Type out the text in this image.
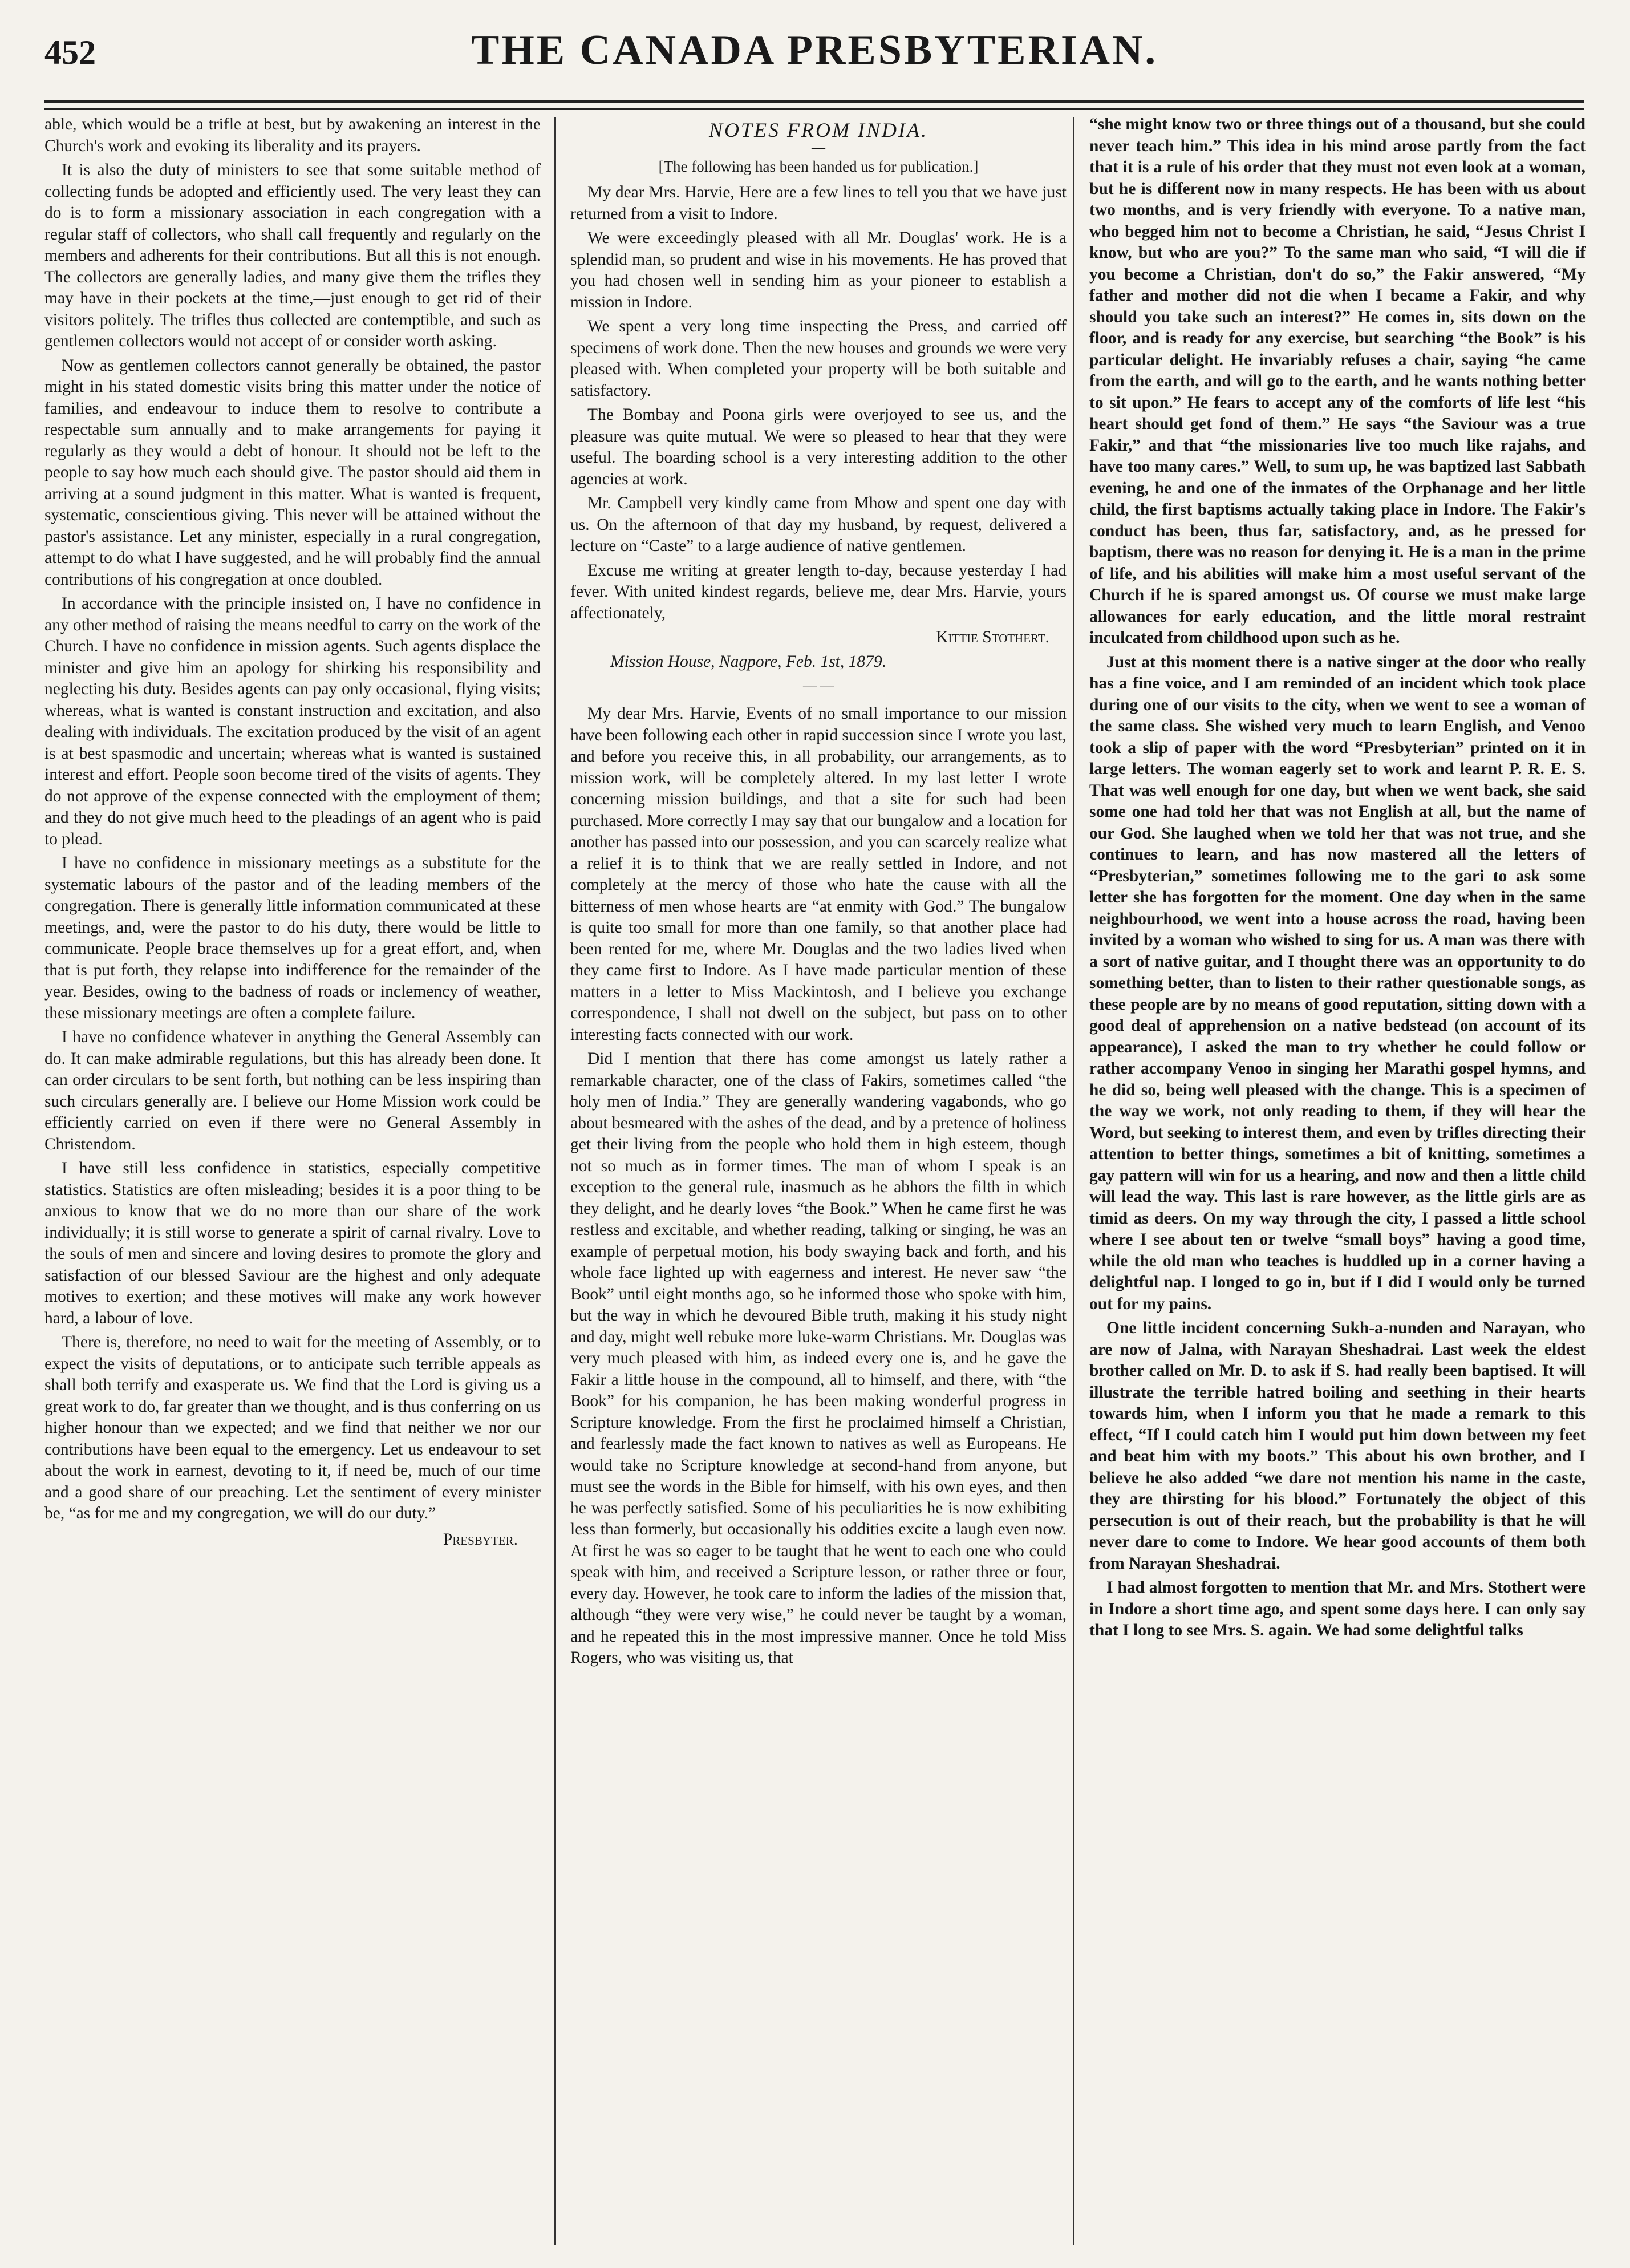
452	THE CANADA PRESBYTERIAN.

able, which would be a trifle at best, but by awakening an interest in the Church's work and evoking its liberality and its prayers.

It is also the duty of ministers to see that some suitable method of collecting funds be adopted and efficiently used. The very least they can do is to form a missionary association in each congregation with a regular staff of collectors, who shall call frequently and regularly on the members and adherents for their contributions. But all this is not enough. The collectors are generally ladies, and many give them the trifles they may have in their pockets at the time,—just enough to get rid of their visitors politely. The trifles thus collected are contemptible, and such as gentlemen collectors would not accept of or consider worth asking.

Now as gentlemen collectors cannot generally be obtained, the pastor might in his stated domestic visits bring this matter under the notice of families, and endeavour to induce them to resolve to contribute a respectable sum annually and to make arrangements for paying it regularly as they would a debt of honour. It should not be left to the people to say how much each should give. The pastor should aid them in arriving at a sound judgment in this matter. What is wanted is frequent, systematic, conscientious giving. This never will be attained without the pastor's assistance. Let any minister, especially in a rural congregation, attempt to do what I have suggested, and he will probably find the annual contributions of his congregation at once doubled.

In accordance with the principle insisted on, I have no confidence in any other method of raising the means needful to carry on the work of the Church. I have no confidence in mission agents. Such agents displace the minister and give him an apology for shirking his responsibility and neglecting his duty. Besides agents can pay only occasional, flying visits; whereas, what is wanted is constant instruction and excitation, and also dealing with individuals. The excitation produced by the visit of an agent is at best spasmodic and uncertain; whereas what is wanted is sustained interest and effort. People soon become tired of the visits of agents. They do not approve of the expense connected with the employment of them; and they do not give much heed to the pleadings of an agent who is paid to plead.

I have no confidence in missionary meetings as a substitute for the systematic labours of the pastor and of the leading members of the congregation. There is generally little information communicated at these meetings, and, were the pastor to do his duty, there would be little to communicate. People brace themselves up for a great effort, and, when that is put forth, they relapse into indifference for the remainder of the year. Besides, owing to the badness of roads or inclemency of weather, these missionary meetings are often a complete failure.

I have no confidence whatever in anything the General Assembly can do. It can make admirable regulations, but this has already been done. It can order circulars to be sent forth, but nothing can be less inspiring than such circulars generally are. I believe our Home Mission work could be efficiently carried on even if there were no General Assembly in Christendom.

I have still less confidence in statistics, especially competitive statistics. Statistics are often misleading; besides it is a poor thing to be anxious to know that we do no more than our share of the work individually; it is still worse to generate a spirit of carnal rivalry. Love to the souls of men and sincere and loving desires to promote the glory and satisfaction of our blessed Saviour are the highest and only adequate motives to exertion; and these motives will make any work however hard, a labour of love.

There is, therefore, no need to wait for the meeting of Assembly, or to expect the visits of deputations, or to anticipate such terrible appeals as shall both terrify and exasperate us. We find that the Lord is giving us a great work to do, far greater than we thought, and is thus conferring on us higher honour than we expected; and we find that neither we nor our contributions have been equal to the emergency. Let us endeavour to set about the work in earnest, devoting to it, if need be, much of our time and a good share of our preaching. Let the sentiment of every minister be, “as for me and my congregation, we will do our duty.”

Presbyter.
NOTES FROM INDIA.
—
[The following has been handed us for publication.]

My dear Mrs. Harvie, Here are a few lines to tell you that we have just returned from a visit to Indore.

We were exceedingly pleased with all Mr. Douglas' work. He is a splendid man, so prudent and wise in his movements. He has proved that you had chosen well in sending him as your pioneer to establish a mission in Indore.

We spent a very long time inspecting the Press, and carried off specimens of work done. Then the new houses and grounds we were very pleased with. When completed your property will be both suitable and satisfactory.

The Bombay and Poona girls were overjoyed to see us, and the pleasure was quite mutual. We were so pleased to hear that they were useful. The boarding school is a very interesting addition to the other agencies at work.

Mr. Campbell very kindly came from Mhow and spent one day with us. On the afternoon of that day my husband, by request, delivered a lecture on “Caste” to a large audience of native gentlemen.

Excuse me writing at greater length to-day, because yesterday I had fever. With united kindest regards, believe me, dear Mrs. Harvie, yours affectionately,

Kittie Stothert.

Mission House, Nagpore, Feb. 1st, 1879.

— —

My dear Mrs. Harvie, Events of no small importance to our mission have been following each other in rapid succession since I wrote you last, and before you receive this, in all probability, our arrangements, as to mission work, will be completely altered. In my last letter I wrote concerning mission buildings, and that a site for such had been purchased. More correctly I may say that our bungalow and a location for another has passed into our possession, and you can scarcely realize what a relief it is to think that we are really settled in Indore, and not completely at the mercy of those who hate the cause with all the bitterness of men whose hearts are “at enmity with God.” The bungalow is quite too small for more than one family, so that another place had been rented for me, where Mr. Douglas and the two ladies lived when they came first to Indore. As I have made particular mention of these matters in a letter to Miss Mackintosh, and I believe you exchange correspondence, I shall not dwell on the subject, but pass on to other interesting facts connected with our work.

Did I mention that there has come amongst us lately rather a remarkable character, one of the class of Fakirs, sometimes called “the holy men of India.” They are generally wandering vagabonds, who go about besmeared with the ashes of the dead, and by a pretence of holiness get their living from the people who hold them in high esteem, though not so much as in former times. The man of whom I speak is an exception to the general rule, inasmuch as he abhors the filth in which they delight, and he dearly loves “the Book.” When he came first he was restless and excitable, and whether reading, talking or singing, he was an example of perpetual motion, his body swaying back and forth, and his whole face lighted up with eagerness and interest. He never saw “the Book” until eight months ago, so he informed those who spoke with him, but the way in which he devoured Bible truth, making it his study night and day, might well rebuke more luke-warm Christians. Mr. Douglas was very much pleased with him, as indeed every one is, and he gave the Fakir a little house in the compound, all to himself, and there, with “the Book” for his companion, he has been making wonderful progress in Scripture knowledge. From the first he proclaimed himself a Christian, and fearlessly made the fact known to natives as well as Europeans. He would take no Scripture knowledge at second-hand from anyone, but must see the words in the Bible for himself, with his own eyes, and then he was perfectly satisfied. Some of his peculiarities he is now exhibiting less than formerly, but occasionally his oddities excite a laugh even now. At first he was so eager to be taught that he went to each one who could speak with him, and received a Scripture lesson, or rather three or four, every day. However, he took care to inform the ladies of the mission that, although “they were very wise,” he could never be taught by a woman, and he repeated this in the most impressive manner. Once he told Miss Rogers, who was visiting us, that

“she might know two or three things out of a thousand, but she could never teach him.” This idea in his mind arose partly from the fact that it is a rule of his order that they must not even look at a woman, but he is different now in many respects. He has been with us about two months, and is very friendly with everyone. To a native man, who begged him not to become a Christian, he said, “Jesus Christ I know, but who are you?” To the same man who said, “I will die if you become a Christian, don't do so,” the Fakir answered, “My father and mother did not die when I became a Fakir, and why should you take such an interest?” He comes in, sits down on the floor, and is ready for any exercise, but searching “the Book” is his particular delight. He invariably refuses a chair, saying “he came from the earth, and will go to the earth, and he wants nothing better to sit upon.” He fears to accept any of the comforts of life lest “his heart should get fond of them.” He says “the Saviour was a true Fakir,” and that “the missionaries live too much like rajahs, and have too many cares.” Well, to sum up, he was baptized last Sabbath evening, he and one of the inmates of the Orphanage and her little child, the first baptisms actually taking place in Indore. The Fakir's conduct has been, thus far, satisfactory, and, as he pressed for baptism, there was no reason for denying it. He is a man in the prime of life, and his abilities will make him a most useful servant of the Church if he is spared amongst us. Of course we must make large allowances for early education, and the little moral restraint inculcated from childhood upon such as he.

Just at this moment there is a native singer at the door who really has a fine voice, and I am reminded of an incident which took place during one of our visits to the city, when we went to see a woman of the same class. She wished very much to learn English, and Venoo took a slip of paper with the word “Presbyterian” printed on it in large letters. The woman eagerly set to work and learnt P. R. E. S. That was well enough for one day, but when we went back, she said some one had told her that was not English at all, but the name of our God. She laughed when we told her that was not true, and she continues to learn, and has now mastered all the letters of “Presbyterian,” sometimes following me to the gari to ask some letter she has forgotten for the moment. One day when in the same neighbourhood, we went into a house across the road, having been invited by a woman who wished to sing for us. A man was there with a sort of native guitar, and I thought there was an opportunity to do something better, than to listen to their rather questionable songs, as these people are by no means of good reputation, sitting down with a good deal of apprehension on a native bedstead (on account of its appearance), I asked the man to try whether he could follow or rather accompany Venoo in singing her Marathi gospel hymns, and he did so, being well pleased with the change. This is a specimen of the way we work, not only reading to them, if they will hear the Word, but seeking to interest them, and even by trifles directing their attention to better things, sometimes a bit of knitting, sometimes a gay pattern will win for us a hearing, and now and then a little child will lead the way. This last is rare however, as the little girls are as timid as deers. On my way through the city, I passed a little school where I see about ten or twelve “small boys” having a good time, while the old man who teaches is huddled up in a corner having a delightful nap. I longed to go in, but if I did I would only be turned out for my pains.

One little incident concerning Sukh-a-nunden and Narayan, who are now of Jalna, with Narayan Sheshadrai. Last week the eldest brother called on Mr. D. to ask if S. had really been baptised. It will illustrate the terrible hatred boiling and seething in their hearts towards him, when I inform you that he made a remark to this effect, “If I could catch him I would put him down between my feet and beat him with my boots.” This about his own brother, and I believe he also added “we dare not mention his name in the caste, they are thirsting for his blood.” Fortunately the object of this persecution is out of their reach, but the probability is that he will never dare to come to Indore. We hear good accounts of them both from Narayan Sheshadrai.

I had almost forgotten to mention that Mr. and Mrs. Stothert were in Indore a short time ago, and spent some days here. I can only say that I long to see Mrs. S. again. We had some delightful talks
